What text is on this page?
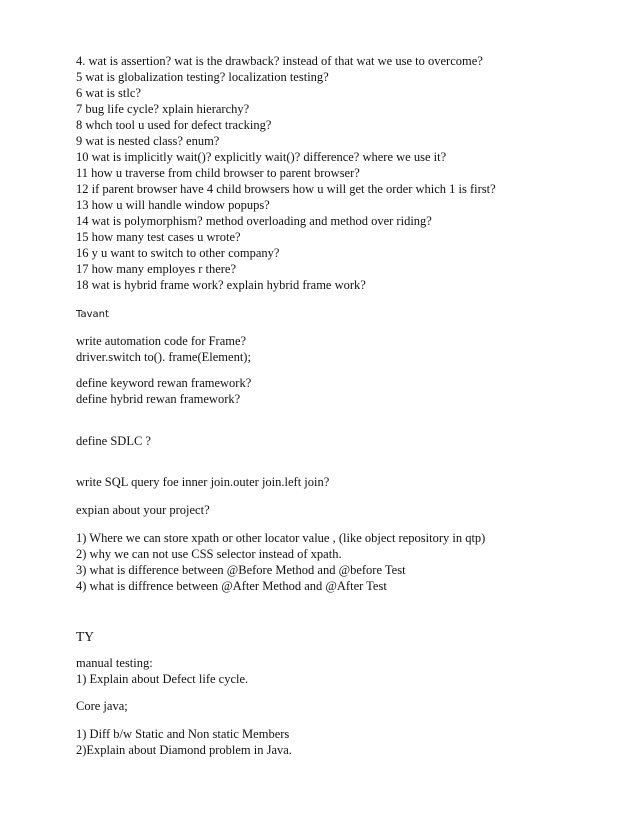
4. wat is assertion? wat is the drawback? instead of that wat we use to overcome?
5 wat is globalization testing? localization testing?
6 wat is stlc?
7 bug life cycle? xplain hierarchy?
8 whch tool u used for defect tracking?
9 wat is nested class? enum?
10 wat is implicitly wait()? explicitly wait()? difference? where we use it?
11 how u traverse from child browser to parent browser?
12 if parent browser have 4 child browsers how u will get the order which 1 is first?
13 how u will handle window popups?
14 wat is polymorphism? method overloading and method over riding?
15 how many test cases u wrote?
16 y u want to switch to other company?
17 how many employes r there?
18 wat is hybrid frame work? explain hybrid frame work?
Tavant
write automation code for Frame?
driver.switch to(). frame(Element);
define keyword rewan framework?
define hybrid rewan framework?
define SDLC ?
write SQL query foe inner join.outer join.left join?
expian about your project?
1) Where we can store xpath or other locator value , (like object repository in qtp)
2) why we can not use CSS selector instead of xpath.
3) what is difference between @Before Method and @before Test
4) what is diffrence between @After Method and @After Test
TY
manual testing:
1) Explain about Defect life cycle.
Core java;
1) Diff b/w Static and Non static Members
2)Explain about Diamond problem in Java.
